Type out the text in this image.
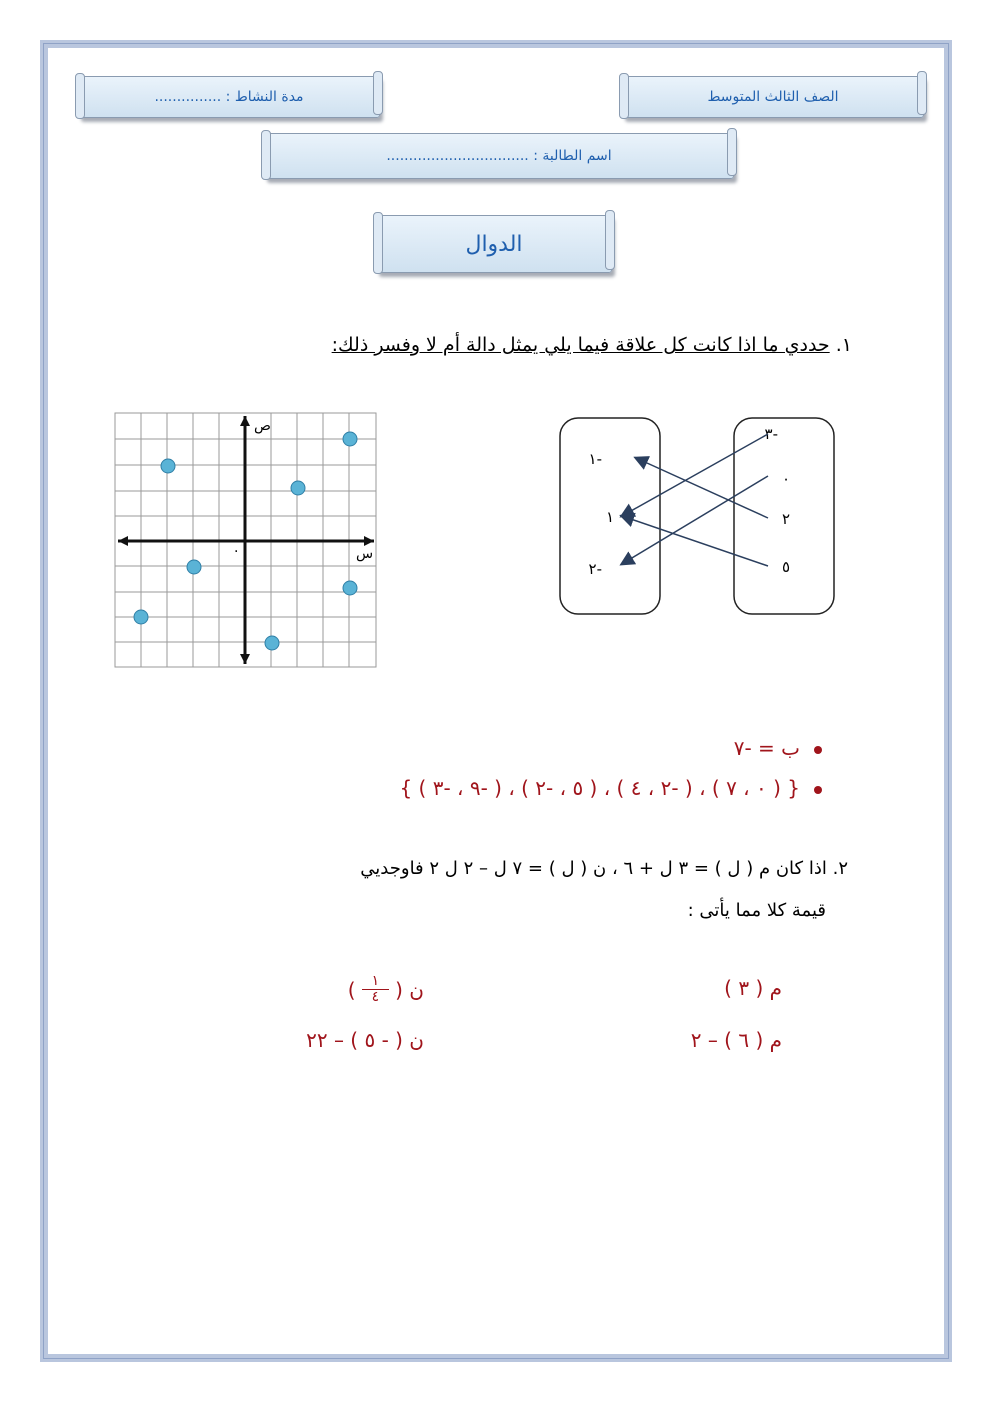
الصف الثالث المتوسط
مدة النشاط : ...............
اسم الطالبة : ................................
الدوال
١. حددي ما اذا كانت كل علاقة فيما يلي يمثل دالة أم لا وفسر ذلك:
-٣
٠
٢
٥
-١
١
-٢
ص
س
.
ب = -٧
{ ( ٠ ، ٧ ) ، ( -٢ ، ٤ ) ، ( ٥ ، -٢ ) ، ( -٩ ، -٣ ) }
٢. اذا كان م ( ل ) = ٣ ل + ٦ ، ن ( ل ) = ٧ ل – ٢ ل ٢ فاوجديي
قيمة كلا مما يأتى :
م ( ٣ )
ن (
١
٤
)
م ( ٦ ) – ٢
ن ( - ٥ ) – ٢٢
